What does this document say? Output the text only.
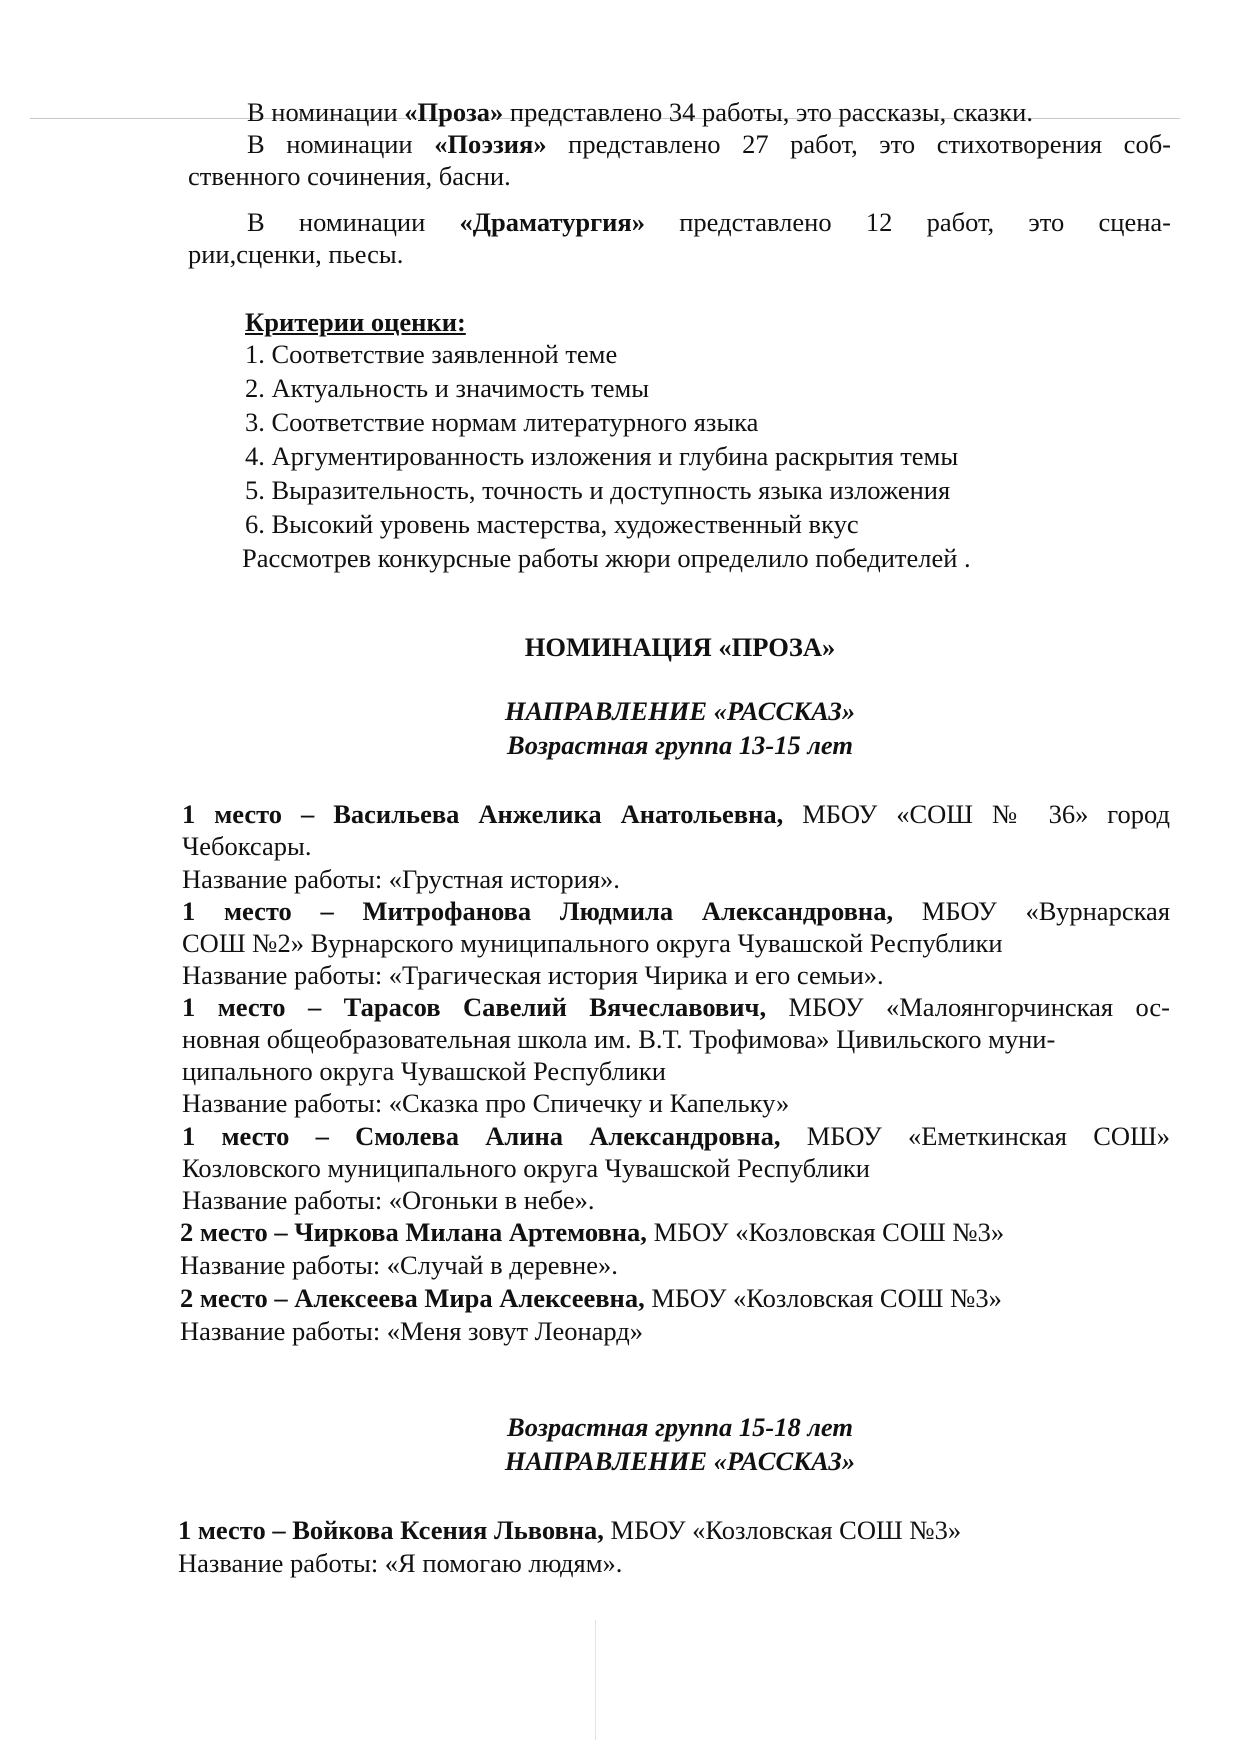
В номинации «Проза» представлено 34 работы, это рассказы, сказки.
В номинации «Поэзия» представлено 27 работ, это стихотворения соб-
ственного сочинения, басни.
В номинации «Драматургия» представлено 12 работ, это сцена-
рии,сценки, пьесы.
Критерии оценки:
1. Соответствие заявленной теме
2. Актуальность и значимость темы
3. Соответствие нормам литературного языка
4. Аргументированность изложения и глубина раскрытия темы
5. Выразительность, точность и доступность языка изложения
6. Высокий уровень мастерства, художественный вкус
Рассмотрев конкурсные работы жюри определило победителей .
НОМИНАЦИЯ «ПРОЗА»
НАПРАВЛЕНИЕ «РАССКАЗ»
Возрастная группа 13-15 лет
1 место – Васильева Анжелика Анатольевна, МБОУ «СОШ № 36» город
Чебоксары.
Название работы: «Грустная история».
1 место – Митрофанова Людмила Александровна, МБОУ «Вурнарская
СОШ №2» Вурнарского муниципального округа Чувашской Республики
Название работы: «Трагическая история Чирика и его семьи».
1 место – Тарасов Савелий Вячеславович, МБОУ «Малоянгорчинская ос-
новная общеобразовательная школа им. В.Т. Трофимова» Цивильского муни-
ципального округа Чувашской Республики
Название работы: «Сказка про Спичечку и Капельку»
1 место – Смолева Алина Александровна, МБОУ «Еметкинская СОШ»
Козловского муниципального округа Чувашской Республики
Название работы: «Огоньки в небе».
2 место – Чиркова Милана Артемовна, МБОУ «Козловская СОШ №3»
Название работы: «Случай в деревне».
2 место – Алексеева Мира Алексеевна, МБОУ «Козловская СОШ №3»
Название работы: «Меня зовут Леонард»
Возрастная группа 15-18 лет
НАПРАВЛЕНИЕ «РАССКАЗ»
1 место – Войкова Ксения Львовна, МБОУ «Козловская СОШ №3»
Название работы: «Я помогаю людям».
